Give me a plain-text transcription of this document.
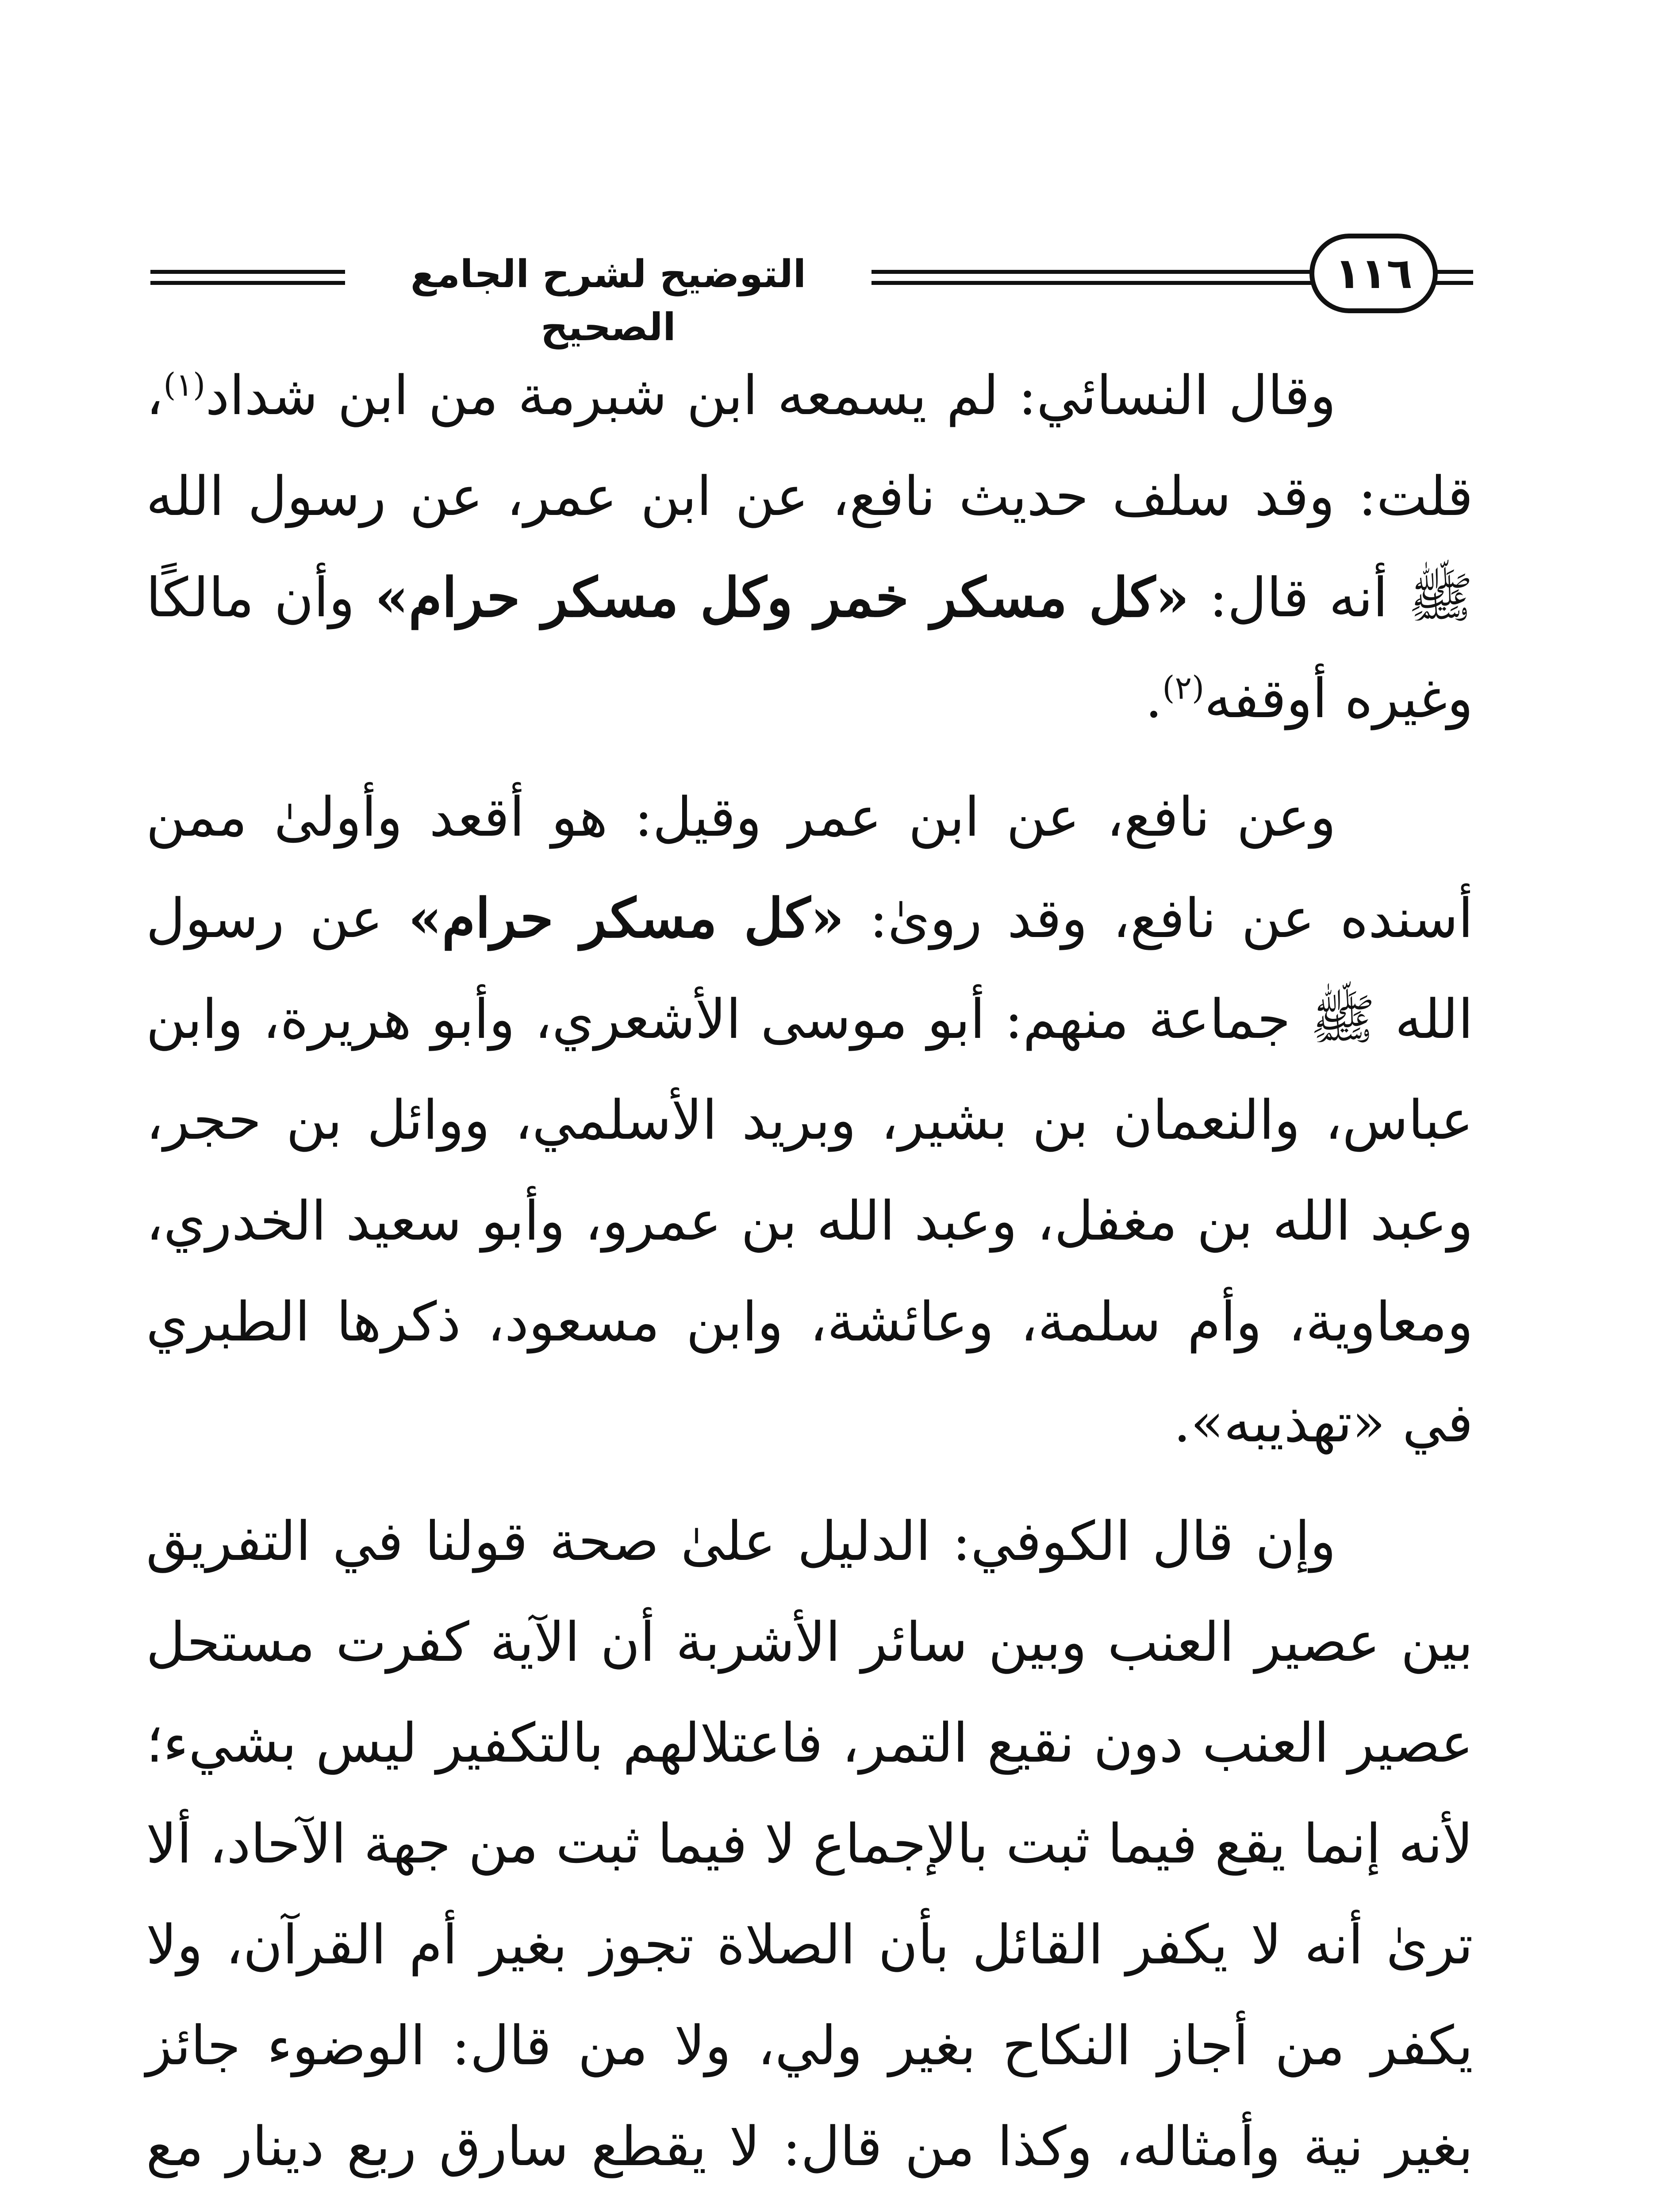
التوضيح لشرح الجامع الصحيح
١١٦

وقال النسائي: لم يسمعه ابن شبرمة من ابن شداد$^{(١)}$، قلت: وقد سلف حديث نافع، عن ابن عمر، عن رسول الله ﷺ أنه قال: «كل مسكر خمر وكل مسكر حرام» وأن مالكًا وغيره أوقفه$^{(٢)}$.

وعن نافع، عن ابن عمر وقيل: هو أقعد وأولىٰ ممن أسنده عن نافع، وقد روىٰ: «كل مسكر حرام» عن رسول الله ﷺ جماعة منهم: أبو موسى الأشعري، وأبو هريرة، وابن عباس، والنعمان بن بشير، وبريد الأسلمي، ووائل بن حجر، وعبد الله بن مغفل، وعبد الله بن عمرو، وأبو سعيد الخدري، ومعاوية، وأم سلمة، وعائشة، وابن مسعود، ذكرها الطبري في «تهذيبه».

وإن قال الكوفي: الدليل علىٰ صحة قولنا في التفريق بين عصير العنب وبين سائر الأشربة أن الآية كفرت مستحل عصير العنب دون نقيع التمر، فاعتلالهم بالتكفير ليس بشيء؛ لأنه إنما يقع فيما ثبت بالإجماع لا فيما ثبت من جهة الآحاد، ألا ترىٰ أنه لا يكفر القائل بأن الصلاة تجوز بغير أم القرآن، ولا يكفر من أجاز النكاح بغير ولي، ولا من قال: الوضوء جائز بغير نية وأمثاله، وكذا من قال: لا يقطع سارق ربع دينار مع
